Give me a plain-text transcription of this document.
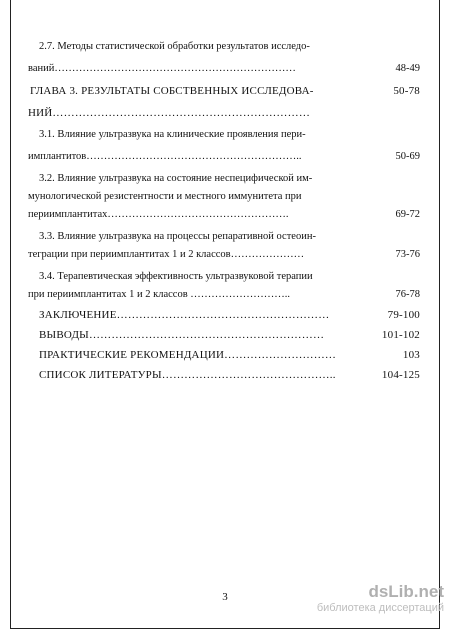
2.7. Методы статистической обработки результатов исследо-
ваний……………………………………………………………	48-49
ГЛАВА 3. РЕЗУЛЬТАТЫ СОБСТВЕННЫХ ИССЛЕДОВА-	50-78
НИЙ……………………………………………………………
3.1. Влияние ультразвука на клинические проявления пери-
имплантитов……………………………………………………..	50-69
3.2. Влияние ультразвука на состояние неспецифической им-
мунологической резистентности и местного иммунитета при
периимплантитах…………………………………………….	69-72
3.3. Влияние ультразвука на процессы репаративной остеоин-
теграции при периимплантитах 1 и 2 классов…………………	73-76
3.4. Терапевтическая эффективность ультразвуковой терапии
при периимплантитах 1 и 2 классов ………………………..	76-78
ЗАКЛЮЧЕНИЕ…………………………………………………	79-100
ВЫВОДЫ………………………………………………………	101-102
ПРАКТИЧЕСКИЕ РЕКОМЕНДАЦИИ…………………………	103
СПИСОК ЛИТЕРАТУРЫ………………………………………..	104-125
3	dsLib.net
библиотека диссертаций
